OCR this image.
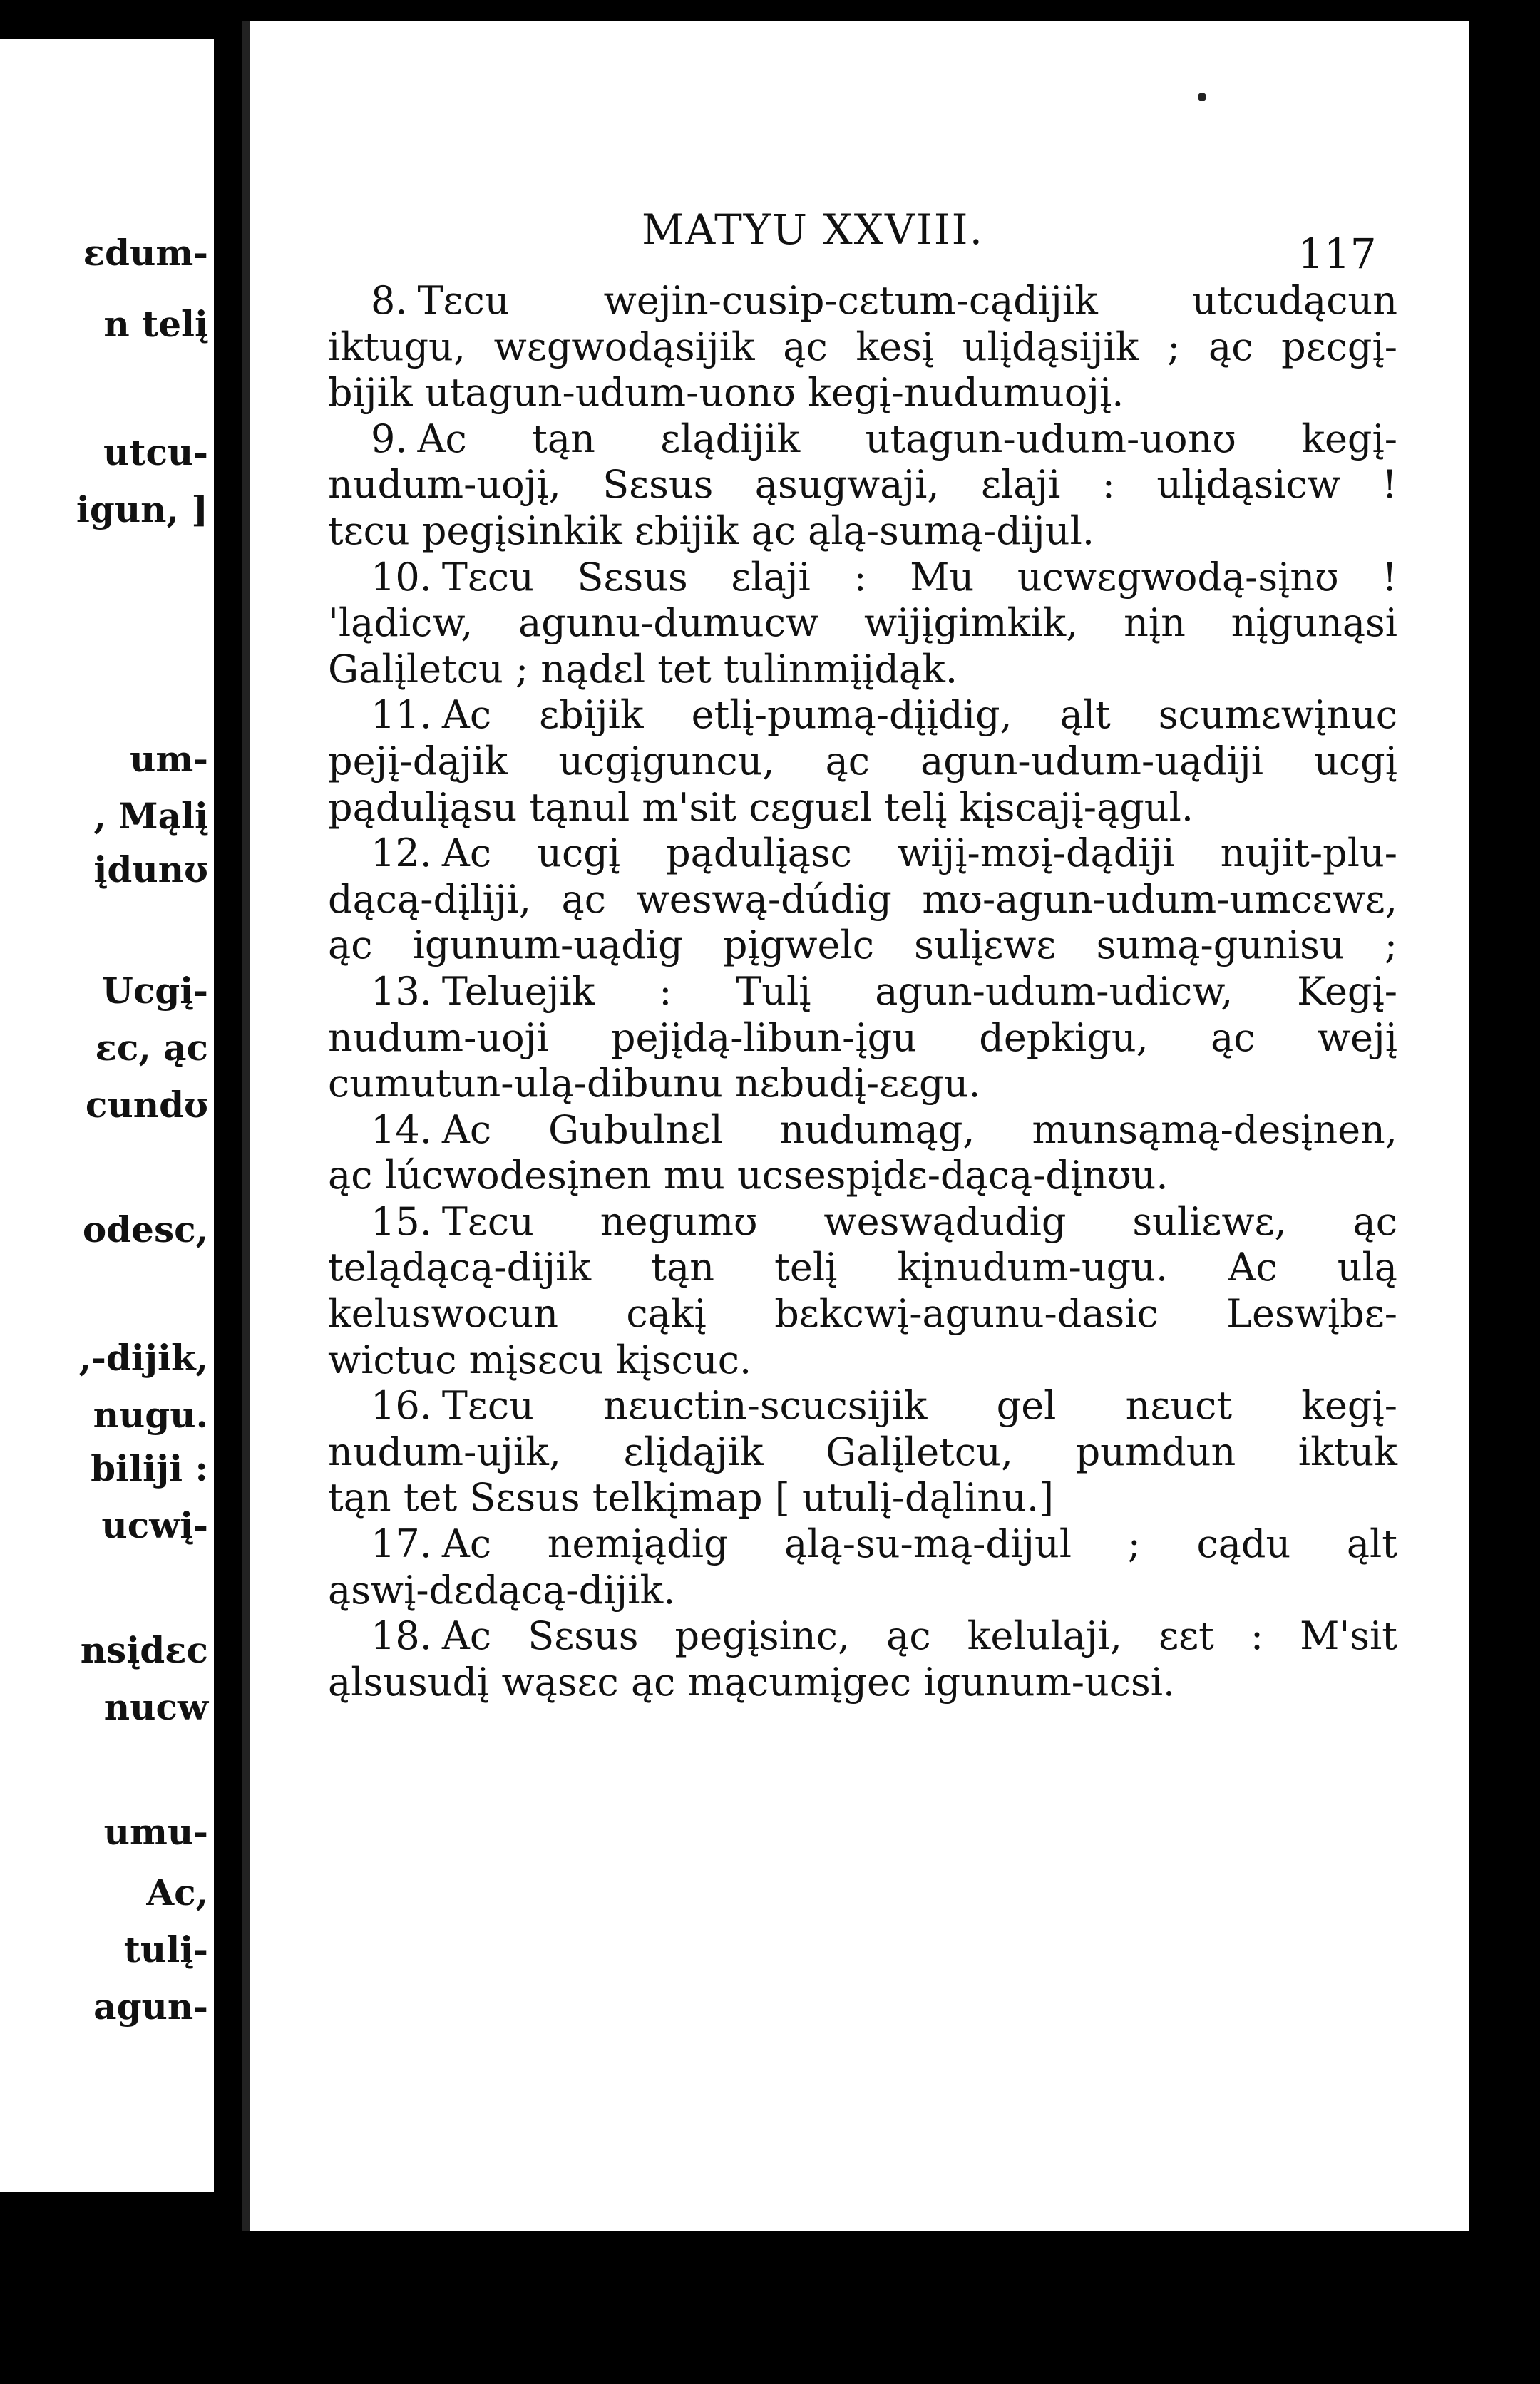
ɛdum-
n telį
utcu-
igun, ]
um-
, Mąlį
įdunʊ
Ucgį-
ɛc, ąc
cundʊ
odesc,
,-dijik,
nugu.
biliji :
ucwį-
nsįdɛc
nucw
umu-
Ac,
tulį-
agun-
MATYU XXVIII.	117
8. Tɛcu wejin-cusip-cɛtum-cądijik utcudącun
iktugu, wɛgwodąsijik ąc kesį ulįdąsijik ; ąc pɛcgį-
bijik utagun-udum-uonʊ kegį-nudumuojį.
9. Ac tąn ɛlądijik utagun-udum-uonʊ kegį-
nudum-uojį, Sɛsus ąsugwaji, ɛlaji : ulįdąsicw !
tɛcu pegįsinkik ɛbijik ąc ąlą-sumą-dijul.
10. Tɛcu Sɛsus ɛlaji : Mu ucwɛgwodą-sįnʊ !
'lądicw, agunu-dumucw wijįgimkik, nįn nįgunąsi
Galįletcu ; nądɛl tet tulinmįįdąk.
11. Ac ɛbijik etlį-pumą-dįįdig, ąlt scumɛwįnuc
pejį-dąjik ucgįguncu, ąc agun-udum-uądiji ucgį
pądulįąsu tąnul m'sit cɛguɛl telį kįscajį-ągul.
12. Ac ucgį pądulįąsc wijį-mʊį-dądiji nujit-plu-
dącą-dįliji, ąc weswą-dúdig mʊ-agun-udum-umcɛwɛ,
ąc igunum-uądig pįgwelc sulįɛwɛ sumą-gunisu ;
13. Teluejik : Tulį agun-udum-udicw, Kegį-
nudum-uoji pejįdą-libun-įgu depkigu, ąc wejį
cumutun-ulą-dibunu nɛbudį-ɛɛgu.
14. Ac Gubulnɛl nudumąg, munsąmą-desįnen,
ąc lúcwodesįnen mu ucsespįdɛ-dącą-dįnʊu.
15. Tɛcu negumʊ weswądudig suliɛwɛ, ąc
telądącą-dijik tąn telį kįnudum-ugu. Ac ulą
keluswocun cąkį bɛkcwį-agunu-dasic Leswįbɛ-
wictuc mįsɛcu kįscuc.
16. Tɛcu nɛuctin-scucsijik gel nɛuct kegį-
nudum-ujik, ɛlįdąjik Galįletcu, pumdun iktuk
tąn tet Sɛsus telkįmap [ utulį-dąlinu.]
17. Ac nemįądig ąlą-su-mą-dijul ; cądu ąlt
ąswį-dɛdącą-dijik.
18. Ac Sɛsus pegįsinc, ąc kelulaji, ɛɛt : M'sit
ąlsusudį wąsɛc ąc mącumįgec igunum-ucsi.
